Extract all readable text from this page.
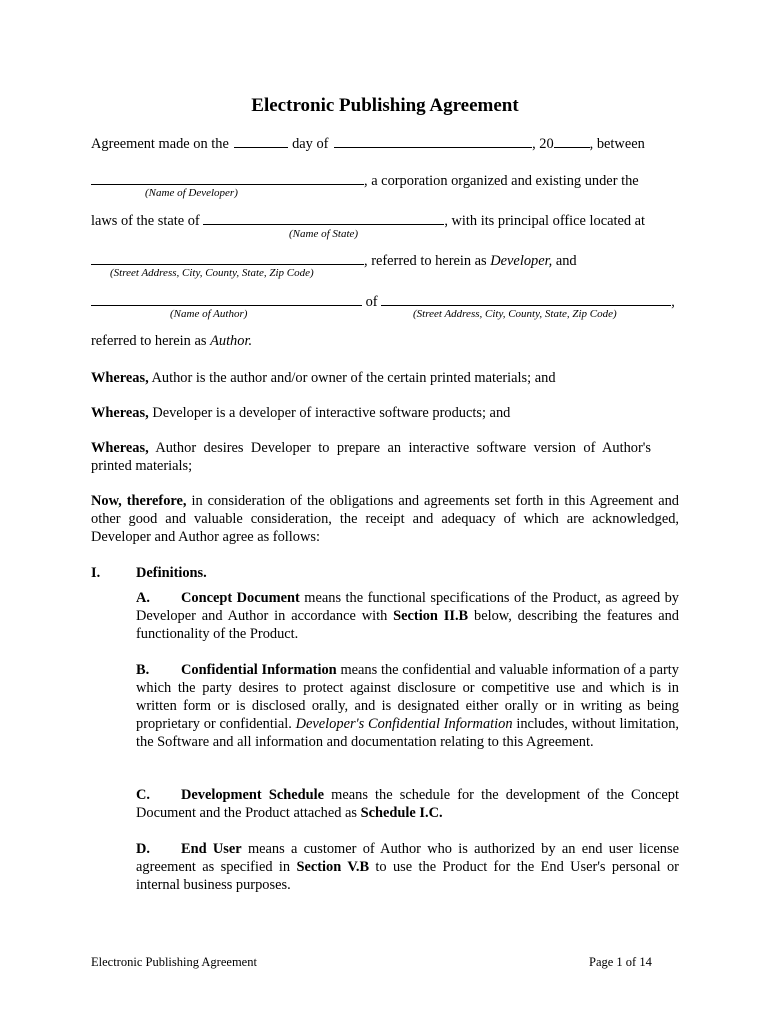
Electronic Publishing Agreement
Agreement made on the	day of	, 20	, between
, a corporation organized and existing under the
(Name of Developer)
laws of the state of	, with its principal office located at
(Name of State)
, referred to herein as Developer, and
(Street Address, City, County, State, Zip Code)
of	,
(Name of Author)	(Street Address, City, County, State, Zip Code)
referred to herein as Author.
Whereas, Author is the author and/or owner of the certain printed materials; and
Whereas, Developer is a developer of interactive software products; and
Whereas, Author desires Developer to prepare an interactive software version of Author's printed materials;
Now, therefore, in consideration of the obligations and agreements set forth in this Agreement and other good and valuable consideration, the receipt and adequacy of which are acknowledged, Developer and Author agree as follows:
I. Definitions.
A. Concept Document means the functional specifications of the Product, as agreed by Developer and Author in accordance with Section II.B below, describing the features and functionality of the Product.
B. Confidential Information means the confidential and valuable information of a party which the party desires to protect against disclosure or competitive use and which is in written form or is disclosed orally, and is designated either orally or in writing as being proprietary or confidential. Developer's Confidential Information includes, without limitation, the Software and all information and documentation relating to this Agreement.
C. Development Schedule means the schedule for the development of the Concept Document and the Product attached as Schedule I.C.
D. End User means a customer of Author who is authorized by an end user license agreement as specified in Section V.B to use the Product for the End User's personal or internal business purposes.
Electronic Publishing Agreement	Page 1 of 14
